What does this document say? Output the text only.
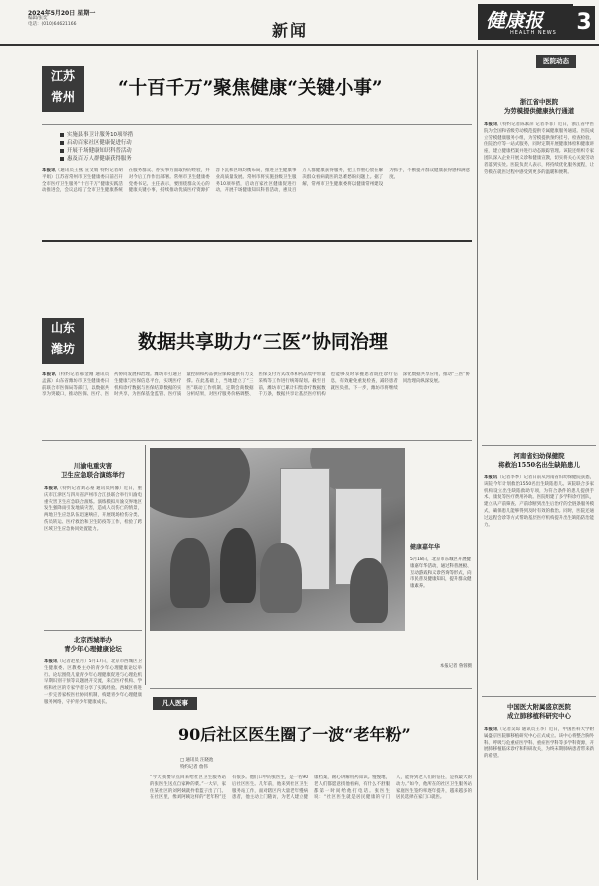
2024年5月20日 星期一
编辑/张奕
电话：(010)64621166	新闻	健康报
HEALTH NEWS 3
江苏
常州	“十百千万”聚焦健康“关键小事”
实施县事卫计服务10项举措
启动百家社区健康促进行动
开展千场健康知识科普活动
惠及百万人群健康获得服务
本报讯（通讯员王燕 宣文娟 特约记者胡平娟）江苏省常州市卫生健康委日前召开全市医疗卫生服务“十百千万”健康实践活动推进会，会议总结了全市卫生健康系统在服务群众、办实事方面取得的经验，并对今后工作作出部署。常州市卫生健康委党委书记、主任表示，要围绕群众关心的健康关键小事，持续推动优质医疗资源扩容下沉和区域均衡布局，推进卫生健康事业高质量发展。常州市将实施县级卫生服务10项举措，启动百家社区健康促进行动，开展千场健康知识科普活动，惠及百万人群健康获得服务，把工作重心放在解决群众看病就医的急难愁盼问题上。据了解，常州市卫生健康委将以健康常州建设为抓手，不断提升群众健康获得感和满意度。
山东
潍坊	数据共享助力“三医”协同治理
本报讯（特约记者郝金刚 通讯员孟露）山东省潍坊市卫生健康委日前联合市医保局等部门，以数据共享为突破口，推动医保、医疗、医药协同发展和治理。潍坊市打通卫生健康与医保信息平台，实现医疗机构诊疗数据与医保结算数据的实时共享，为医保基金监管、医疗质量控制和药品供应保障提供有力支撑。在此基础上，当地建立了“三医”联动工作机制，定期会商数据分析结果，对医疗服务价格调整、医保支付方式改革和药品集中带量采购等工作进行统筹谋划。截至目前，潍坊市已累计归集诊疗数据数千万条，数据共享让基层医疗机构也能够及时掌握患者既往诊疗信息，有效避免重复检查，减轻患者就医负担。下一步，潍坊市将继续深化数据共享应用，推动“三医”协同治理向纵深发展。
医院动态
浙江省中医院
为劳模提供健康执行通道
本报讯（特约记者陈素萍 记者李菲）近日，浙江省中医院为全国和省级劳动模范提供专属健康服务通道。医院成立劳模健康服务小组，为劳模提供预约挂号、检查检验、住院治疗等一站式服务，同时定期开展健康体检和健康讲座，建立健康档案并进行动态跟踪管理。该院还组织专家团队深入企业开展义诊和健康宣教，切实将关心关爱劳动者落到实处。医院负责人表示，将持续优化服务流程，让劳模在就医过程中感受到更多的温暖和便利。
河南省妇幼保健院
将救治1550名出生缺陷患儿
本报讯（记者李季）记者日前从河南省妇幼保健院获悉，该院今年计划救治1550名出生缺陷患儿。该院联合多家机构设立出生缺陷救助专项，为符合条件的患儿提供手术、康复等医疗费用补助。医院组建了多学科诊疗团队，建立从产前筛查、产前诊断到出生后治疗的全链条服务模式，确保患儿能够得到及时有效的救治。同时，医院还通过远程会诊等方式帮助基层医疗机构提升出生缺陷防治能力。
中国医大附属盛京医院
成立肺移植科研究中心
本报讯（记者吴琼 通讯员王李）近日，中国医科大学附属盛京医院肺移植研究中心正式成立。该中心将整合胸外科、呼吸与危重症医学科、重症医学科等多学科资源，开展肺移植临床诊疗和科研攻关，为终末期肺病患者带来新的希望。
川渝电重灾害
卫生应急联合演练举行
本报讯（特约记者刘志豪 通讯员何馨）近日，重庆市江津区与四川省泸州市合江县联合举行川渝电重灾害卫生应急联合演练。演练模拟川渝交界地区发生强降雨引发地质灾害，造成人员伤亡的情景，两地卫生应急队伍迅速响应，开展现场检伤分类、伤员转运、医疗救治和卫生防疫等工作，检验了跨区域卫生应急协同处置能力。
北京西城举办
青少年心理健康论坛
本报讯（记者赵星月）5月17日，北京市西城区卫生健康委、区教委主办的青少年心理健康论坛举行。论坛围绕儿童青少年心理健康促进与心理危机早期识别干预等议题展开交流，来自医疗机构、学校和社区的专家学者分享了实践经验。西城区将进一步完善家校医社协同机制，构建青少年心理健康服务网络，守护青少年健康成长。
健康嘉年华
5月18日，北京市东城区开展健康嘉年华活动，通过科普展板、互动游戏和义诊咨询等形式，向市民普及健康知识，提升群众健康素养。
本报记者 鲁蓉摄
凡人医事
90后社区医生圈了一波“老年粉”
□ 通讯员 汪晓池
特约记者 詹伟
“今天我要早点回来给社区卫生服务站的张医生送点自家种的菜。”一大早，家住某社区的刘阿姨就拎着篮子出了门。在社区里，像刘阿姨这样的“老年粉”还有很多。他们口中的张医生，是一名90后社区医生。几年前，他来到社区卫生服务站工作，面对辖区内大量老年慢病患者，他主动上门随访，为老人建立健康档案，耐心讲解用药知识。慢慢地，老人们都愿意找他看病，有什么不舒服都第一时间给他打电话。张医生说：“社区医生就是居民健康的守门人，能得到老人们的信任，是我最大的动力。”如今，他所在的社区卫生服务站家庭医生签约率逐年提升，越来越多的居民选择在家门口就医。
